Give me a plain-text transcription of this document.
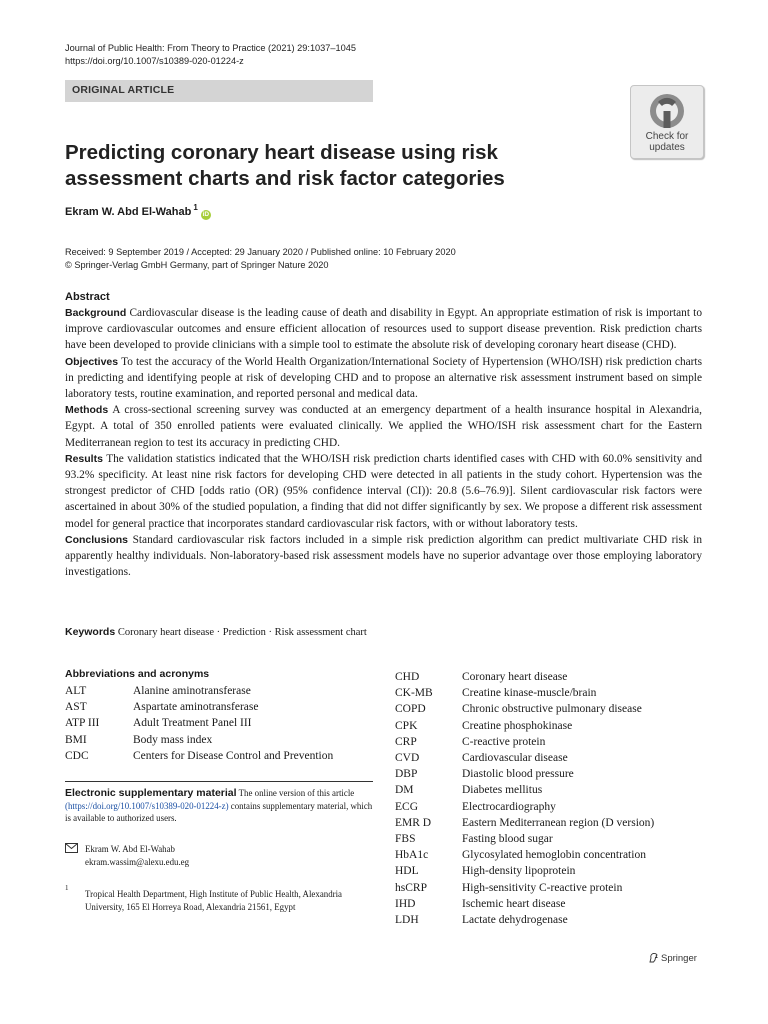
Journal of Public Health: From Theory to Practice (2021) 29:1037–1045
https://doi.org/10.1007/s10389-020-01224-z
ORIGINAL ARTICLE
Check for updates
Predicting coronary heart disease using risk assessment charts and risk factor categories
Ekram W. Abd El-Wahab $^1$iD
Received: 9 September 2019 / Accepted: 29 January 2020 / Published online: 10 February 2020
© Springer-Verlag GmbH Germany, part of Springer Nature 2020
Abstract

Background Cardiovascular disease is the leading cause of death and disability in Egypt. An appropriate estimation of risk is important to improve cardiovascular outcomes and ensure efficient allocation of resources used to support disease prevention. Risk prediction charts have been developed to provide clinicians with a simple tool to estimate the absolute risk of developing coronary heart disease (CHD).

Objectives To test the accuracy of the World Health Organization/International Society of Hypertension (WHO/ISH) risk prediction charts in predicting and identifying people at risk of developing CHD and to propose an alternative risk assessment instrument based on simple laboratory tests, routine examination, and reported personal and medical data.

Methods A cross-sectional screening survey was conducted at an emergency department of a health insurance hospital in Alexandria, Egypt. A total of 350 enrolled patients were evaluated clinically. We applied the WHO/ISH risk assessment chart for the Eastern Mediterranean region to test its accuracy in predicting CHD.

Results The validation statistics indicated that the WHO/ISH risk prediction charts identified cases with CHD with 60.0% sensitivity and 93.2% specificity. At least nine risk factors for developing CHD were detected in all patients in the study cohort. Hypertension was the strongest predictor of CHD [odds ratio (OR) (95% confidence interval (CI)): 20.8 (5.6–76.9)]. Silent cardiovascular risk factors were ascertained in about 30% of the studied population, a finding that did not differ significantly by sex. We propose a different risk assessment model for general practice that incorporates standard cardiovascular risk factors, with or without laboratory tests.

Conclusions Standard cardiovascular risk factors included in a simple risk prediction algorithm can predict multivariate CHD risk in apparently healthy individuals. Non-laboratory-based risk assessment models have no superior advantage over those employing laboratory investigations.

Keywords Coronary heart disease · Prediction · Risk assessment chart
Abbreviations and acronyms
ALT	Alanine aminotransferase
AST	Aspartate aminotransferase
ATP III	Adult Treatment Panel III
BMI	Body mass index
CDC	Centers for Disease Control and Prevention
CHD	Coronary heart disease
CK-MB	Creatine kinase-muscle/brain
COPD	Chronic obstructive pulmonary disease
CPK	Creatine phosphokinase
CRP	C-reactive protein
CVD	Cardiovascular disease
DBP	Diastolic blood pressure
DM	Diabetes mellitus
ECG	Electrocardiography
EMR D	Eastern Mediterranean region (D version)
FBS	Fasting blood sugar
HbA1c	Glycosylated hemoglobin concentration
HDL	High-density lipoprotein
hsCRP	High-sensitivity C-reactive protein
IHD	Ischemic heart disease
LDH	Lactate dehydrogenase
Electronic supplementary material The online version of this article (https://doi.org/10.1007/s10389-020-01224-z) contains supplementary material, which is available to authorized users.
Ekram W. Abd El-Wahab
ekram.wassim@alexu.edu.eg
1
Tropical Health Department, High Institute of Public Health, Alexandria University, 165 El Horreya Road, Alexandria 21561, Egypt
Springer
